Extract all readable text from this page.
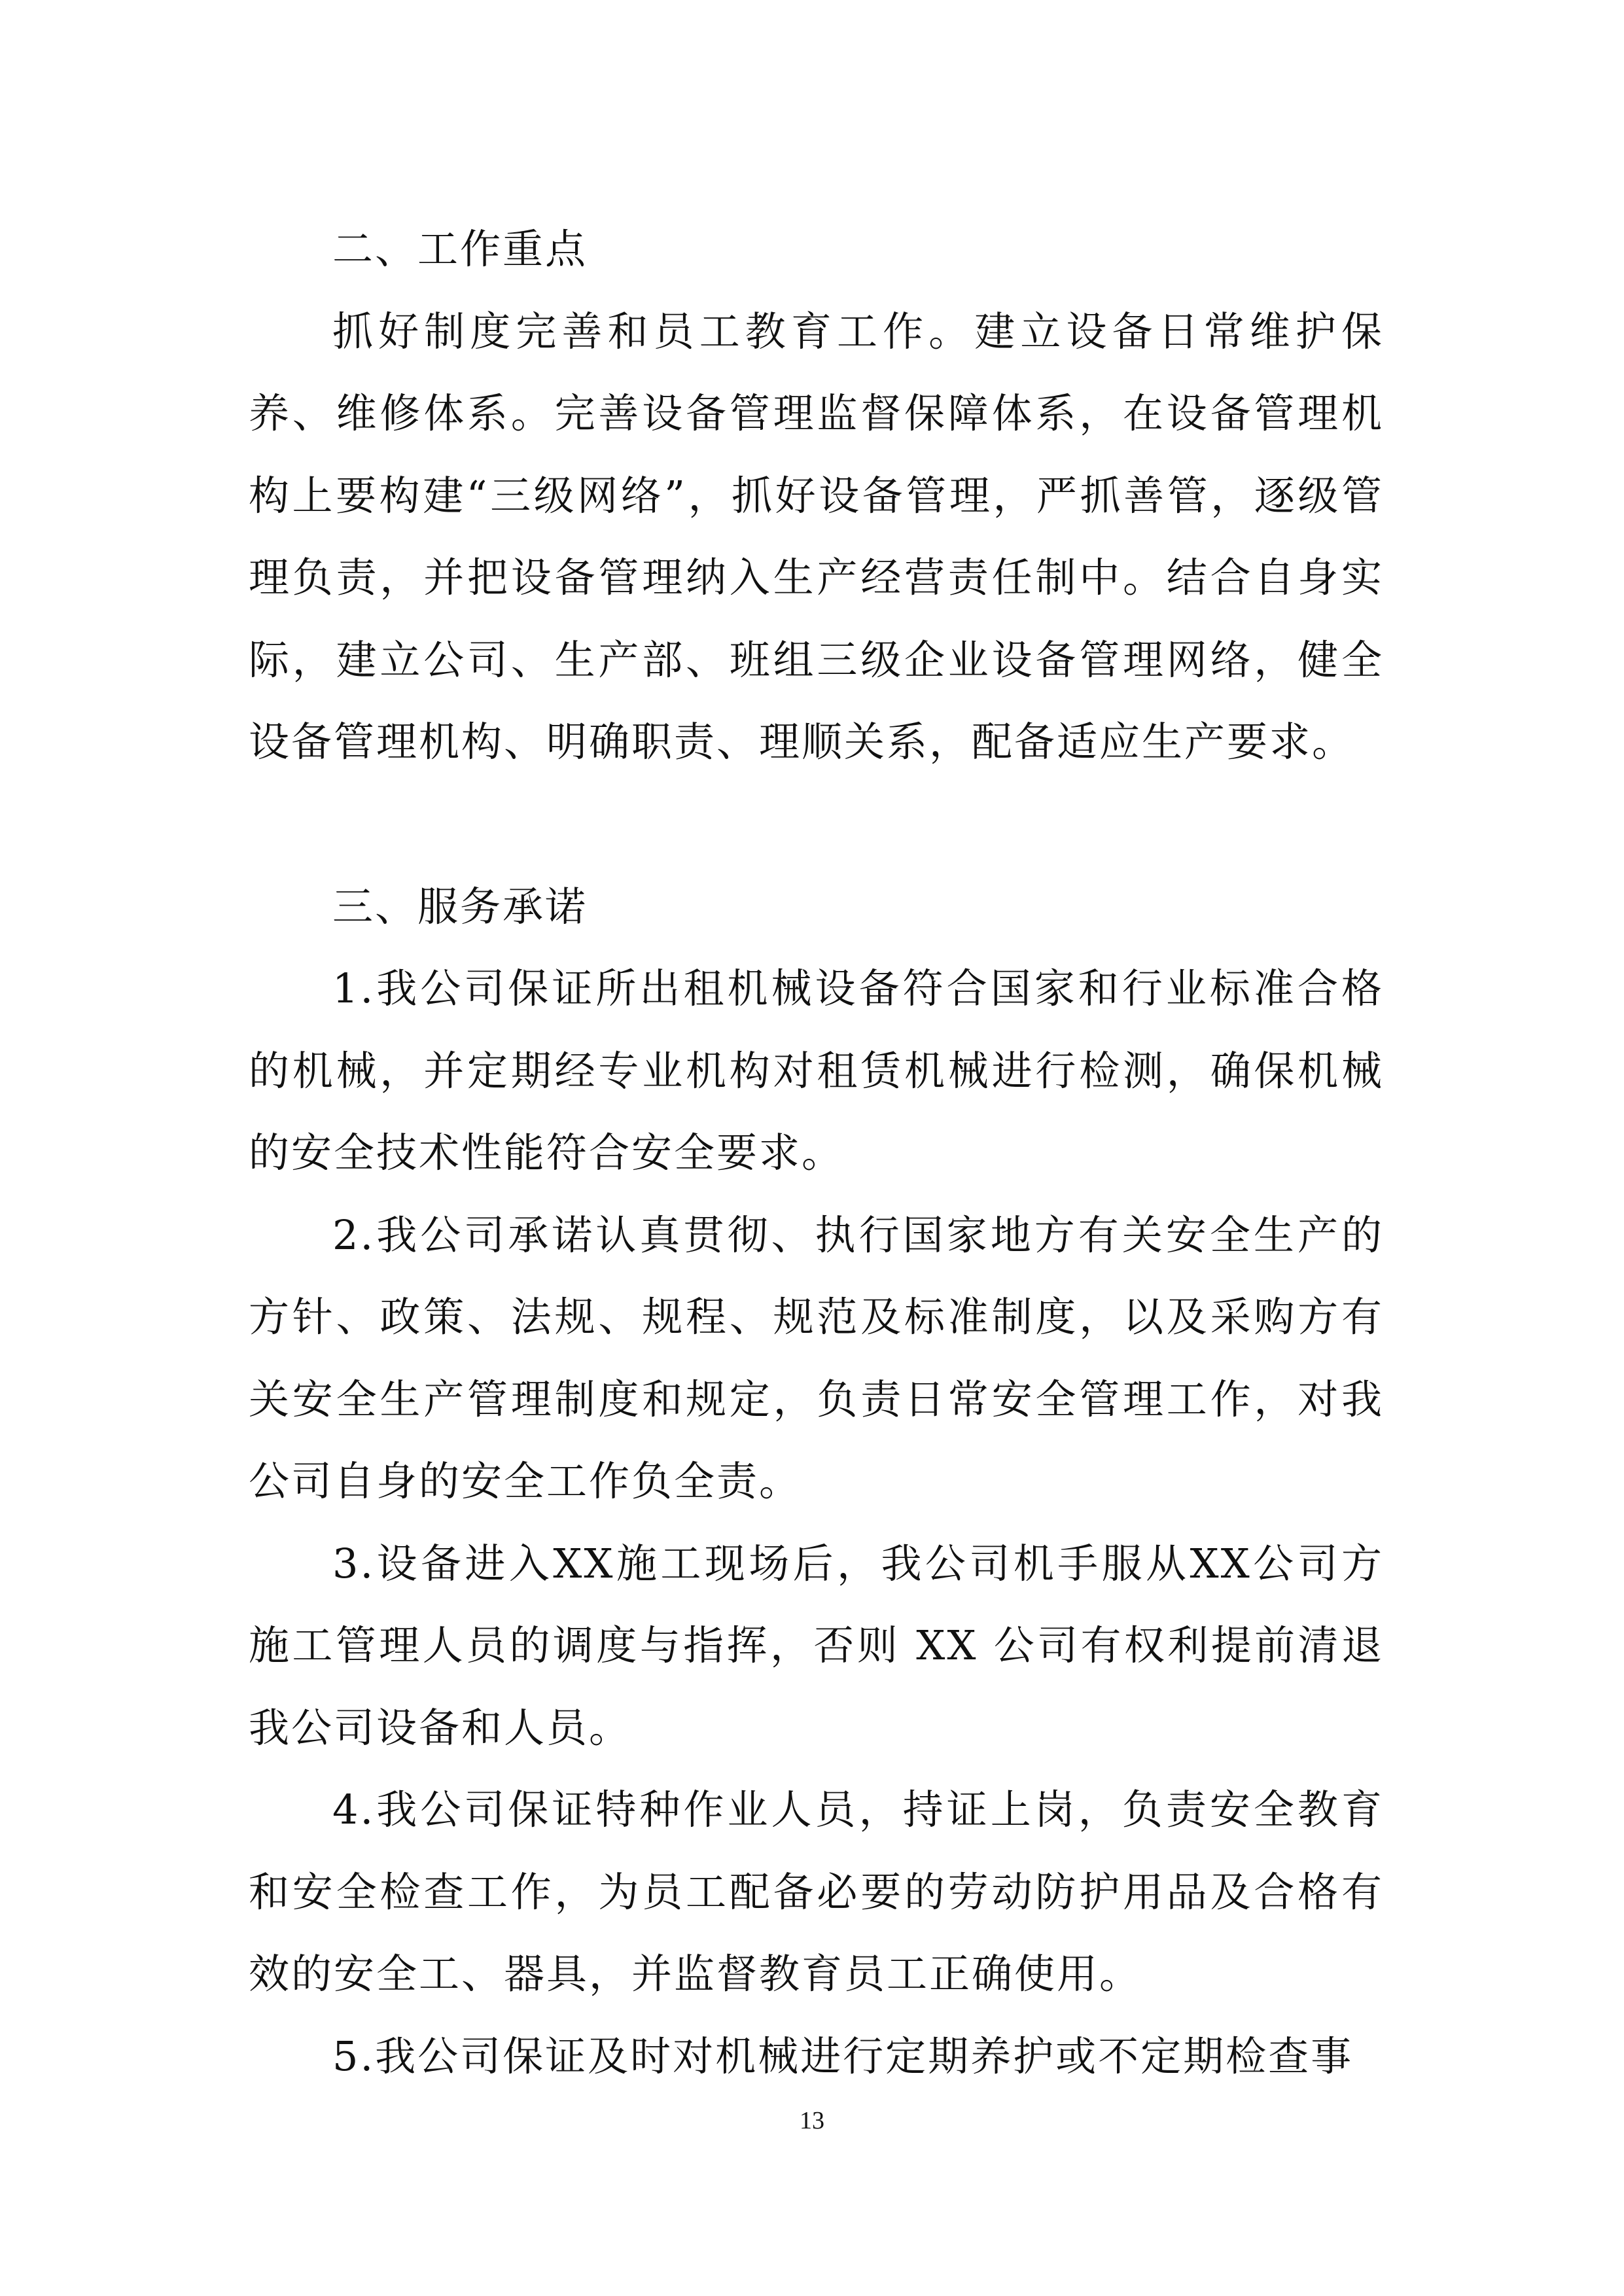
二、工作重点

抓好制度完善和员工教育工作。建立设备日常维护保养、维修体系。完善设备管理监督保障体系，在设备管理机构上要构建“三级网络”，抓好设备管理，严抓善管，逐级管理负责，并把设备管理纳入生产经营责任制中。结合自身实际，建立公司、生产部、班组三级企业设备管理网络，健全设备管理机构、明确职责、理顺关系，配备适应生产要求。

三、服务承诺

1.我公司保证所出租机械设备符合国家和行业标准合格的机械，并定期经专业机构对租赁机械进行检测，确保机械的安全技术性能符合安全要求。

2.我公司承诺认真贯彻、执行国家地方有关安全生产的方针、政策、法规、规程、规范及标准制度，以及采购方有关安全生产管理制度和规定，负责日常安全管理工作，对我公司自身的安全工作负全责。

3.设备进入XX施工现场后，我公司机手服从XX公司方施工管理人员的调度与指挥，否则 XX 公司有权利提前清退我公司设备和人员。

4.我公司保证特种作业人员，持证上岗，负责安全教育和安全检查工作，为员工配备必要的劳动防护用品及合格有效的安全工、器具，并监督教育员工正确使用。

5.我公司保证及时对机械进行定期养护或不定期检查事

13
